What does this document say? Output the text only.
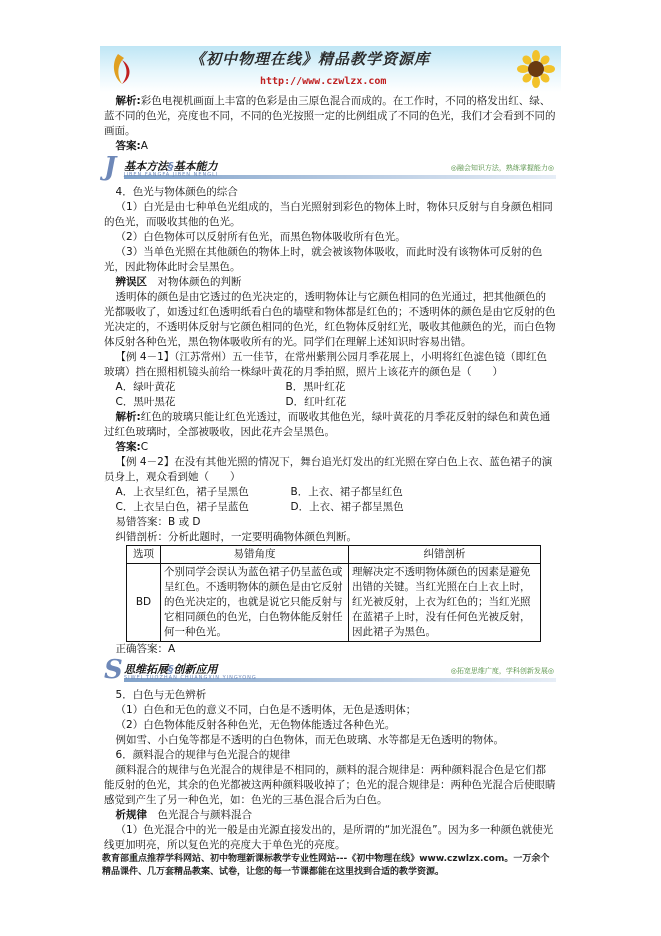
《初中物理在线》精品教学资源库
http://www.czwlzx.com

解析:彩色电视机画面上丰富的色彩是由三原色混合而成的。在工作时，不同的格发出红、绿、蓝不同的色光，亮度也不同，不同的色光按照一定的比例组成了不同的色光，我们才会看到不同的画面。

答案:A

J 基本方法§基本能力
JIBEN FANGFA JIBEN NENGLI
◎融会知识方法，熟练掌握能力◎

4．色光与物体颜色的综合

（1）白光是由七种单色光组成的，当白光照射到彩色的物体上时，物体只反射与自身颜色相同的色光，而吸收其他的色光。

（2）白色物体可以反射所有色光，而黑色物体吸收所有色光。

（3）当单色光照在其他颜色的物体上时，就会被该物体吸收，而此时没有该物体可反射的色光，因此物体此时会呈黑色。

辨误区　 对物体颜色的判断

透明体的颜色是由它透过的色光决定的，透明物体让与它颜色相同的色光通过，把其他颜色的光都吸收了，如透过红色透明纸看白色的墙壁和物体都是红色的；不透明体的颜色是由它反射的色光决定的，不透明体反射与它颜色相同的色光，红色物体反射红光，吸收其他颜色的光，而白色物体反射各种色光，黑色物体吸收所有的光。同学们在理解上述知识时容易出错。

【例 4－1】（江苏常州）五一佳节，在常州紫荆公园月季花展上，小明将红色滤色镜（即红色玻璃）挡在照相机镜头前给一株绿叶黄花的月季拍照，照片上该花卉的颜色是（　　）

A．绿叶黄花	B．黑叶红花
C．黑叶黑花	D．红叶红花

解析:红色的玻璃只能让红色光透过，而吸收其他色光，绿叶黄花的月季花反射的绿色和黄色通过红色玻璃时，全部被吸收，因此花卉会呈黑色。

答案:C

【例 4－2】在没有其他光照的情况下，舞台追光灯发出的红光照在穿白色上衣、蓝色裙子的演员身上，观众看到她（　　）

A．上衣呈红色，裙子呈黑色	B．上衣、裙子都呈红色
C．上衣呈白色，裙子呈蓝色	D．上衣、裙子都呈黑色

易错答案：B 或 D

纠错剖析：分析此题时，一定要明确物体颜色判断。

选项	易错角度	纠错剖析
BD	个别同学会误认为蓝色裙子仍呈蓝色或呈红色。不透明物体的颜色是由它反射的色光决定的，也就是说它只能反射与它相同颜色的色光，白色物体能反射任何一种色光。	理解决定不透明物体颜色的因素是避免出错的关键。当红光照在白上衣上时，红光被反射，上衣为红色的；当红光照在蓝裙子上时，没有任何色光被反射，因此裙子为黑色。

正确答案：A

S 思维拓展§创新应用
SIWEI TUOZHAN CHUANGXIN YINGYONG
◎拓宽思维广度，学科创新发展◎

5．白色与无色辨析

（1）白色和无色的意义不同，白色是不透明体，无色是透明体；

（2）白色物体能反射各种色光，无色物体能透过各种色光。

例如雪、小白兔等都是不透明的白色物体，而无色玻璃、水等都是无色透明的物体。

6．颜料混合的规律与色光混合的规律

颜料混合的规律与色光混合的规律是不相同的，颜料的混合规律是：两种颜料混合色是它们都能反射的色光，其余的色光都被这两种颜料吸收掉了；色光的混合规律是：两种色光混合后使眼睛感觉到产生了另一种色光，如：色光的三基色混合后为白色。

析规律　 色光混合与颜料混合

（1）色光混合中的光一般是由光源直接发出的，是所谓的“加光混色”。因为多一种颜色就使光线更加明亮，所以复色光的亮度大于单色光的亮度。

教育部重点推荐学科网站、初中物理新课标教学专业性网站---《初中物理在线》www.czwlzx.com。一万余个精品课件、几万套精品教案、试卷，让您的每一节课都能在这里找到合适的教学资源。
